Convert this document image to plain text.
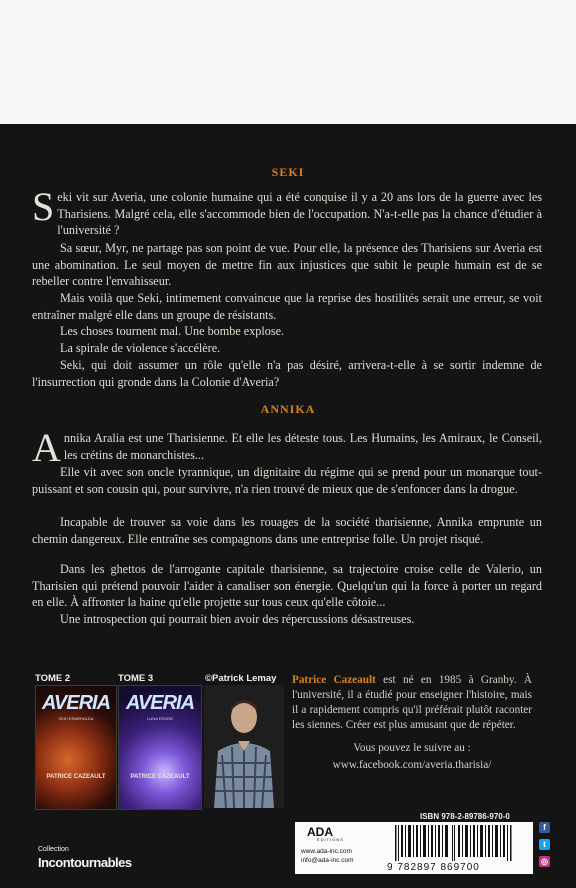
SEKI

Seki vit sur Averia, une colonie humaine qui a été conquise il y a 20 ans lors de la guerre avec les Tharisiens. Malgré cela, elle s'accommode bien de l'occupation. N'a-t-elle pas la chance d'étudier à l'université ?

Sa sœur, Myr, ne partage pas son point de vue. Pour elle, la présence des Tharisiens sur Averia est une abomination. Le seul moyen de mettre fin aux injustices que subit le peuple humain est de se rebeller contre l'envahisseur.

Mais voilà que Seki, intimement convaincue que la reprise des hostilités serait une erreur, se voit entraîner malgré elle dans un groupe de résistants.

Les choses tournent mal. Une bombe explose.

La spirale de violence s'accélère.

Seki, qui doit assumer un rôle qu'elle n'a pas désiré, arrivera-t-elle à se sortir indemne de l'insurrection qui gronde dans la Colonie d'Averia?

ANNIKA

Annika Aralia est une Tharisienne. Et elle les déteste tous. Les Humains, les Amiraux, le Conseil, les crétins de monarchistes...

Elle vit avec son oncle tyrannique, un dignitaire du régime qui se prend pour un monarque tout-puissant et son cousin qui, pour survivre, n'a rien trouvé de mieux que de s'enfoncer dans la drogue.

Incapable de trouver sa voie dans les rouages de la société tharisienne, Annika emprunte un chemin dangereux. Elle entraîne ses compagnons dans une entreprise folle. Un projet risqué.

Dans les ghettos de l'arrogante capitale tharisienne, sa trajectoire croise celle de Valerio, un Tharisien qui prétend pouvoir l'aider à canaliser son énergie. Quelqu'un qui la force à porter un regard en elle. À affronter la haine qu'elle projette sur tous ceux qu'elle côtoie...

Une introspection qui pourrait bien avoir des répercussions désastreuses.

TOME 2
AVERIA
SEKI ESMERALDA
PATRICE CAZEAULT
TOME 3
AVERIA
LUNA ESSON
PATRICE CAZEAULT
©Patrick Lemay Patrice Cazeault est né en 1985 à Granby. À l'université, il a étudié pour enseigner l'histoire, mais il a rapidement compris qu'il préférait plutôt raconter les siennes. Créer est plus amusant que de répéter.
Vous pouvez le suivre au :
www.facebook.com/averia.tharisia/

ISBN 978-2-89786-970-0
ADA
ÉDITIONS
www.ada-inc.com
info@ada-inc.com
9 782897 869700
f
t
◎
Collection
Incontournables
